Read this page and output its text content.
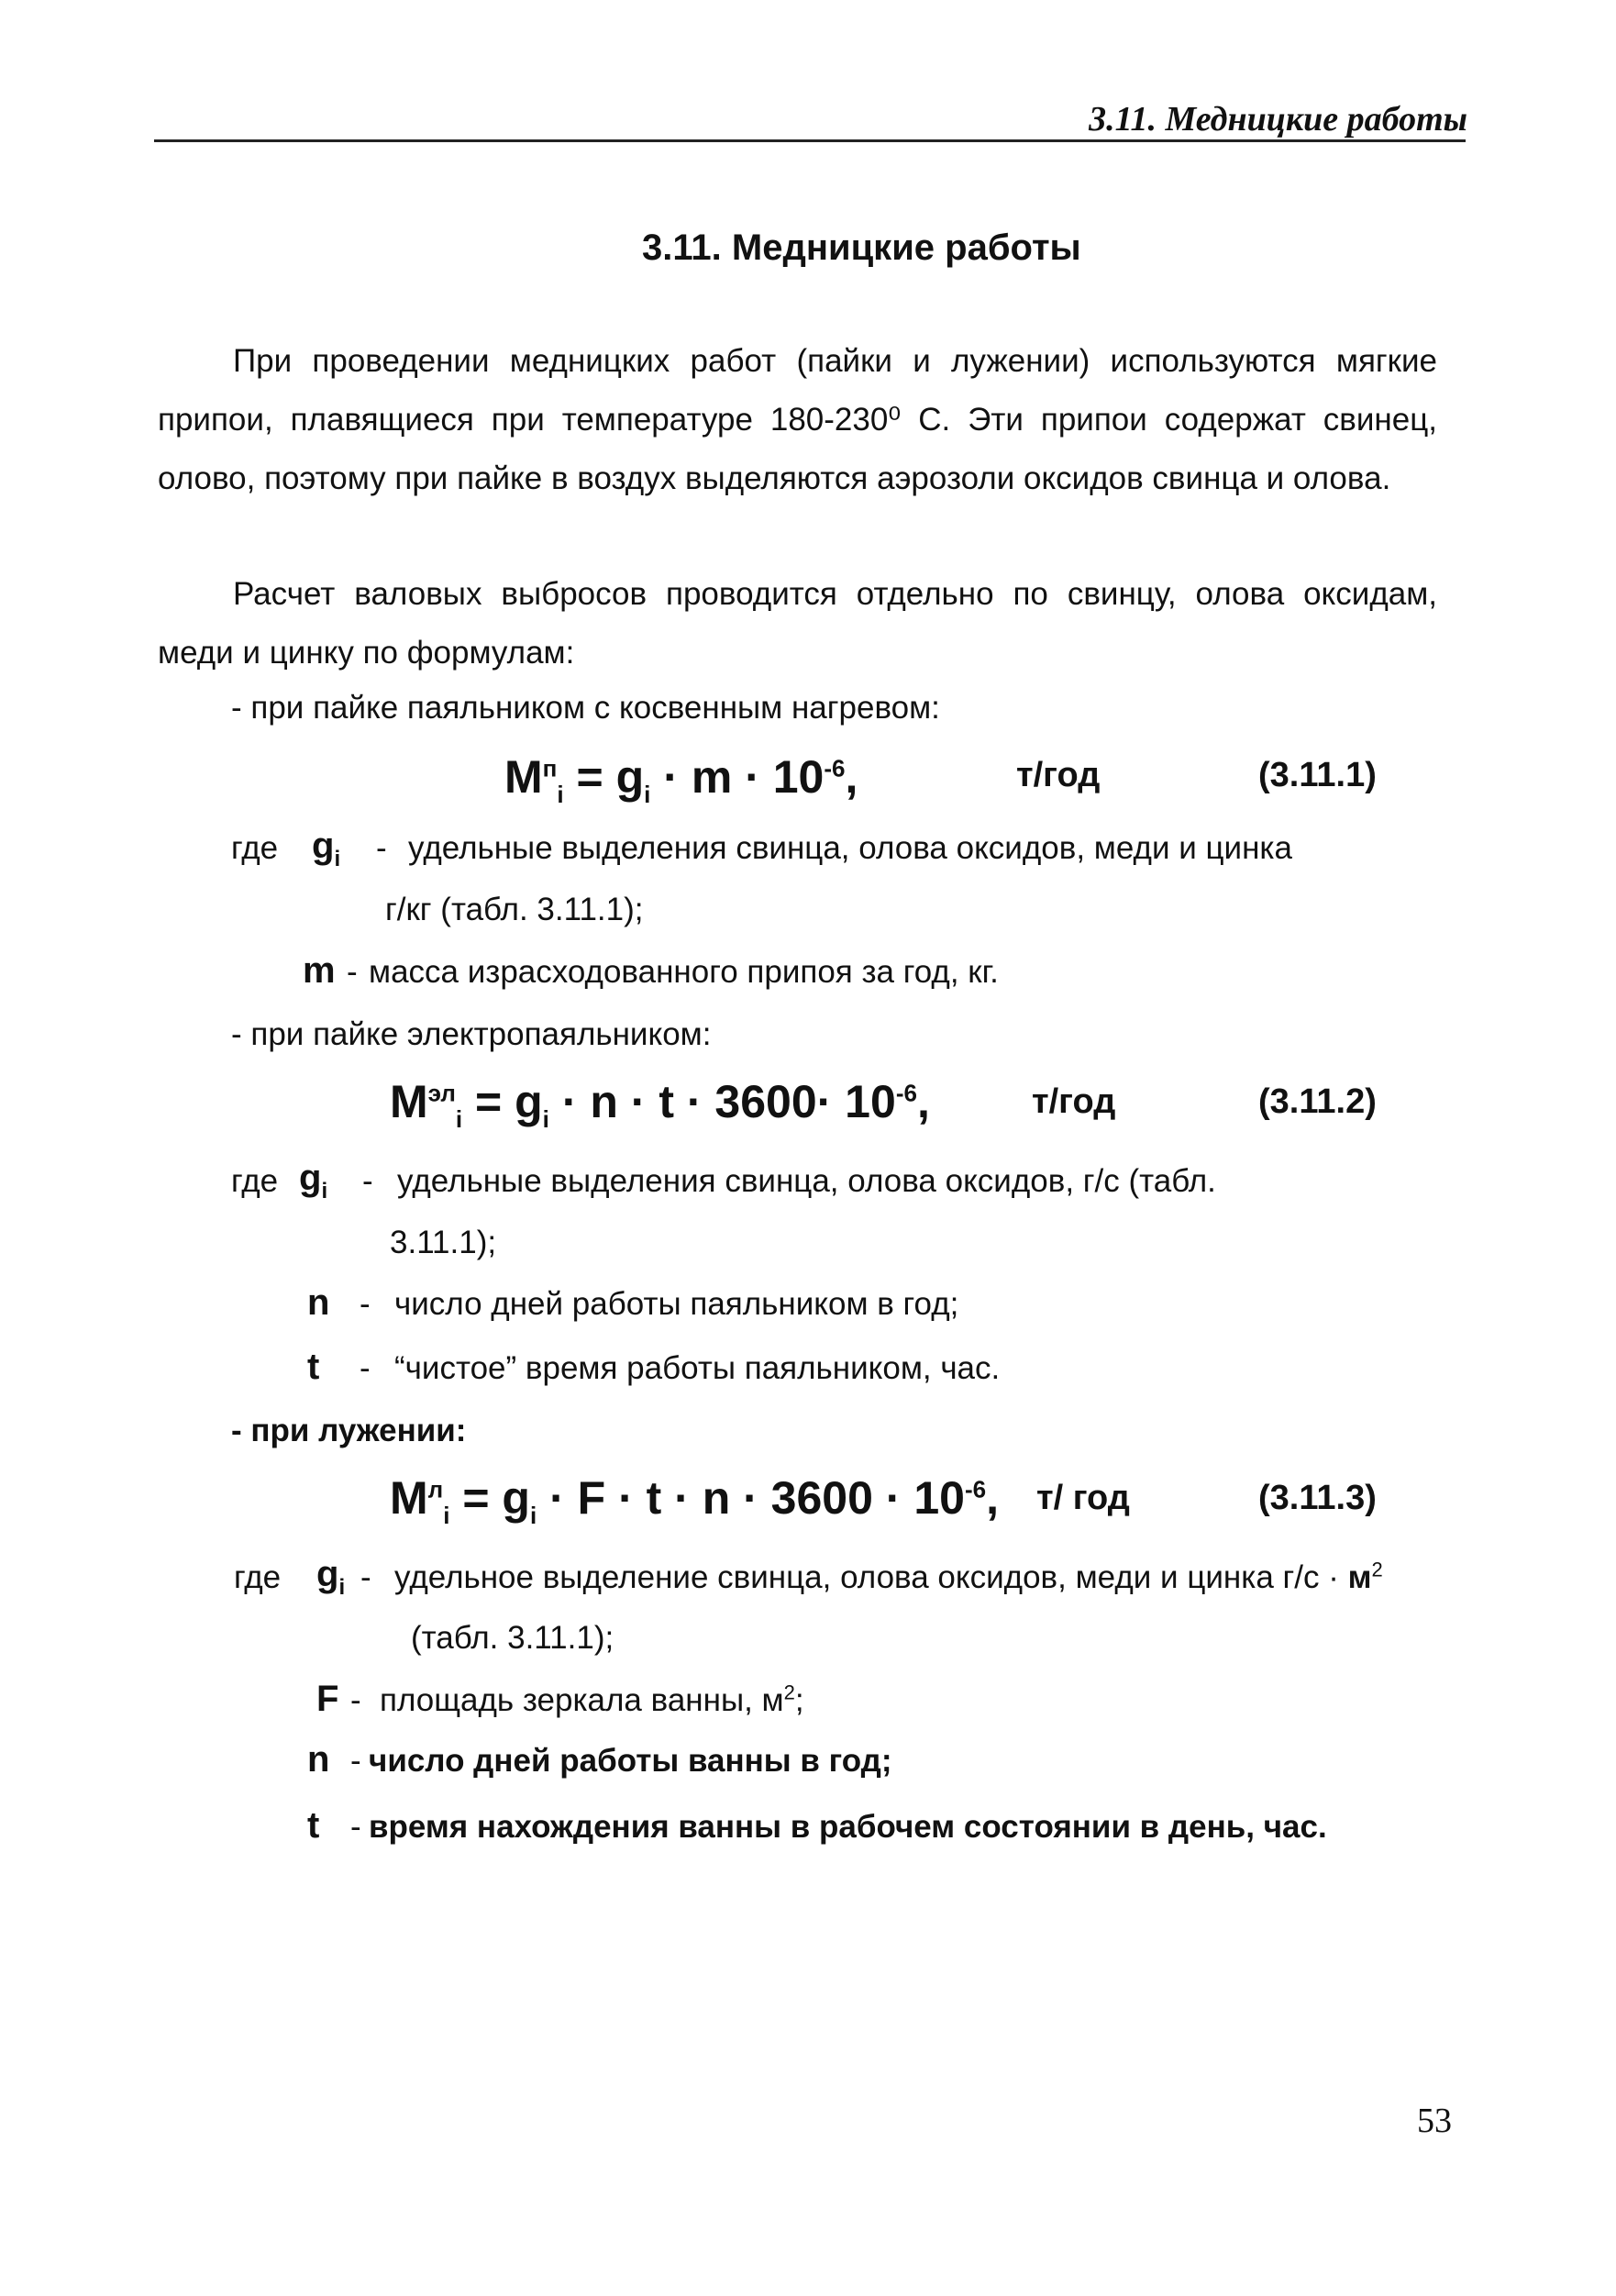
3.11. Медницкие работы
3.11. Медницкие работы
При проведении медницких работ (пайки и лужении) используются мягкие припои, плавящиеся при температуре 180-230⁰ С. Эти припои содержат свинец, олово, поэтому при пайке в воздух выделяются аэрозоли оксидов свинца и олова.
Расчет валовых выбросов проводится отдельно по свинцу, олова оксидам, меди и цинку по формулам:
- при пайке паяльником с косвенным нагревом:
$M^п_i = g_i \cdot m \cdot 10^{-6}$,	т/год	(3.11.1)
где $g_i$ - удельные выделения свинца, олова оксидов, меди и цинка
г/кг (табл. 3.11.1);
m - масса израсходованного припоя за год, кг.
- при пайке электропаяльником:
$M^{эл}_i = g_i \cdot n \cdot t \cdot 3600\cdot 10^{-6}$,	т/год	(3.11.2)
где $g_i$ - удельные выделения свинца, олова оксидов, г/с (табл.
3.11.1);
n - число дней работы паяльником в год;
t - “чистое” время работы паяльником, час.
- при лужении:
$M^л_i = g_i \cdot F \cdot t \cdot n \cdot 3600 \cdot 10^{-6}$, т/ год	(3.11.3)
где $g_i$ - удельное выделение свинца, олова оксидов, меди и цинка $г/с \cdot м^2$
(табл. 3.11.1);
F - площадь зеркала ванны, $м^2$;
n - число дней работы ванны в год;
t - время нахождения ванны в рабочем состоянии в день, час.
53
